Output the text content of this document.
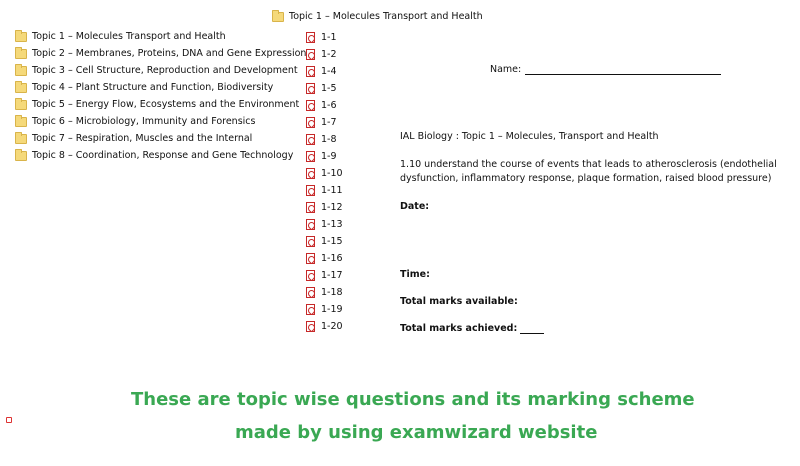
Topic 1 – Molecules Transport and Health
Topic 2 – Membranes, Proteins, DNA and Gene Expression
Topic 3 – Cell Structure, Reproduction and Development
Topic 4 – Plant Structure and Function, Biodiversity
Topic 5 – Energy Flow, Ecosystems and the Environment
Topic 6 – Microbiology, Immunity and Forensics
Topic 7 – Respiration, Muscles and the Internal
Topic 8 – Coordination, Response and Gene Technology
Topic 1 – Molecules Transport and Health
1-1
1-2
1-4
1-5
1-6
1-7
1-8
1-9
1-10
1-11
1-12
1-13
1-15
1-16
1-17
1-18
1-19
1-20
Name:
IAL Biology : Topic 1 – Molecules, Transport and Health
1.10 understand the course of events that leads to atherosclerosis (endothelial dysfunction, inflammatory response, plaque formation, raised blood pressure)
Date:
Time:
Total marks available:
Total marks achieved:
These are topic wise questions and its marking scheme
made by using examwizard website
